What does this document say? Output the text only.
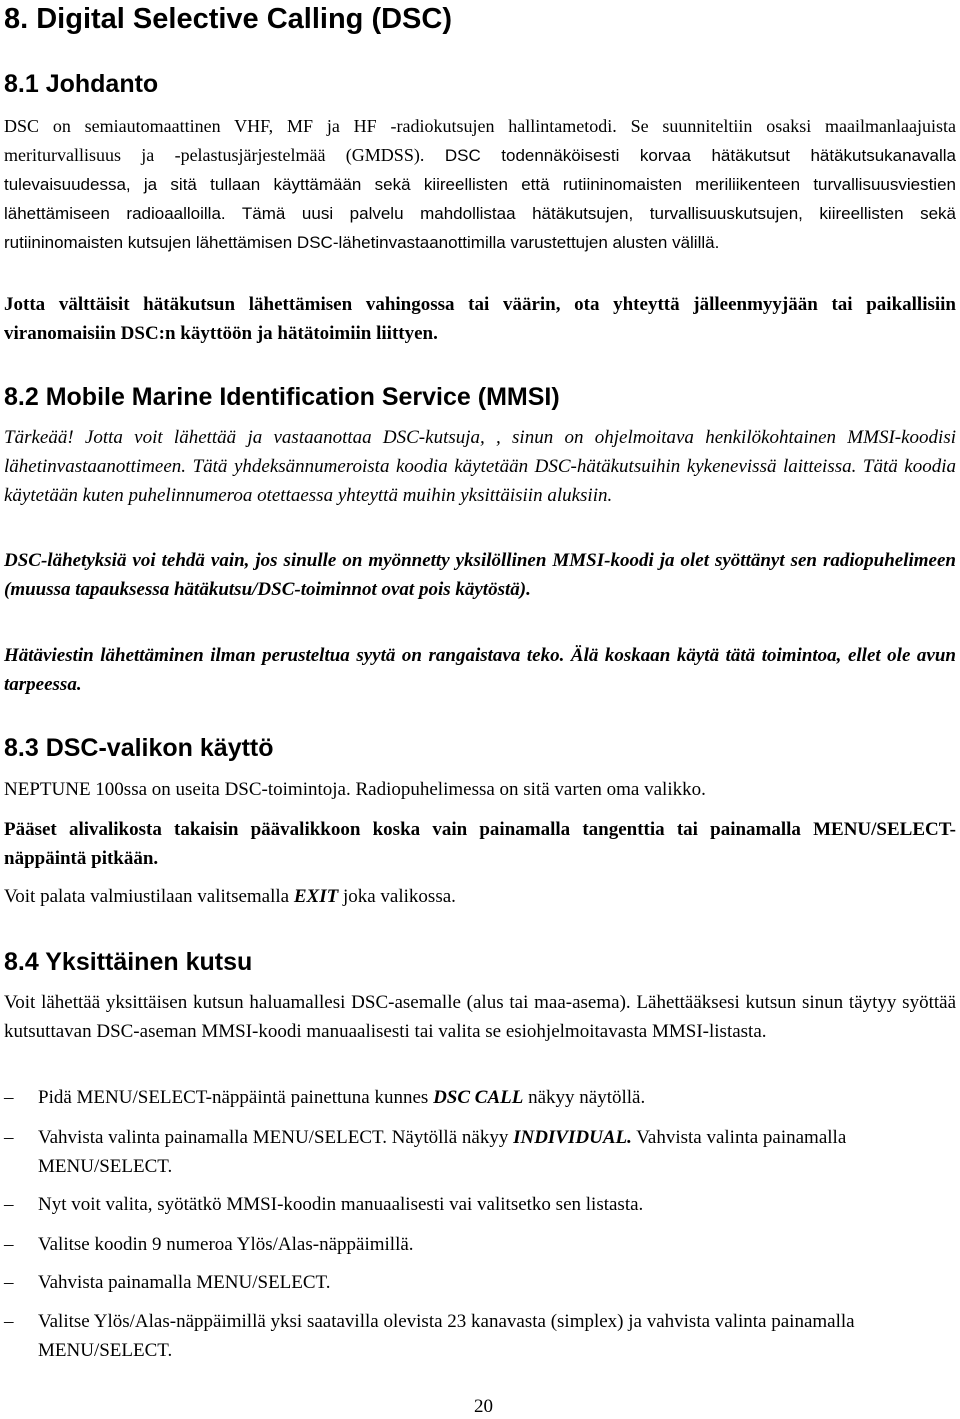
8. Digital Selective Calling (DSC)
8.1 Johdanto
DSC on semiautomaattinen VHF, MF ja HF -radiokutsujen hallintametodi. Se suunniteltiin osaksi maailmanlaajuista meriturvallisuus ja -pelastusjärjestelmää (GMDSS). DSC todennäköisesti korvaa hätäkutsut hätäkutsukanavalla tulevaisuudessa, ja sitä tullaan käyttämään sekä kiireellisten että rutiininomaisten meriliikenteen turvallisuusviestien lähettämiseen radioaalloilla. Tämä uusi palvelu mahdollistaa hätäkutsujen, turvallisuuskutsujen, kiireellisten sekä rutiininomaisten kutsujen lähettämisen DSC-lähetinvastaanottimilla varustettujen alusten välillä.
Jotta välttäisit hätäkutsun lähettämisen vahingossa tai väärin, ota yhteyttä jälleenmyyjään tai paikallisiin viranomaisiin DSC:n käyttöön ja hätätoimiin liittyen.
8.2 Mobile Marine Identification Service (MMSI)
Tärkeää! Jotta voit lähettää ja vastaanottaa DSC-kutsuja, , sinun on ohjelmoitava henkilökohtainen MMSI-koodisi lähetinvastaanottimeen. Tätä yhdeksännumeroista koodia käytetään DSC-hätäkutsuihin kykenevissä laitteissa. Tätä koodia käytetään kuten puhelinnumeroa otettaessa yhteyttä muihin yksittäisiin aluksiin.
DSC-lähetyksiä voi tehdä vain, jos sinulle on myönnetty yksilöllinen MMSI-koodi ja olet syöttänyt sen radiopuhelimeen (muussa tapauksessa hätäkutsu/DSC-toiminnot ovat pois käytöstä).
Hätäviestin lähettäminen ilman perusteltua syytä on rangaistava teko. Älä koskaan käytä tätä toimintoa, ellet ole avun tarpeessa.
8.3 DSC-valikon käyttö
NEPTUNE 100ssa on useita DSC-toimintoja. Radiopuhelimessa on sitä varten oma valikko.
Pääset alivalikosta takaisin päävalikkoon koska vain painamalla tangenttia tai painamalla MENU/SELECT-näppäintä pitkään.
Voit palata valmiustilaan valitsemalla EXIT joka valikossa.
8.4 Yksittäinen kutsu
Voit lähettää yksittäisen kutsun haluamallesi DSC-asemalle (alus tai maa-asema). Lähettääksesi kutsun sinun täytyy syöttää kutsuttavan DSC-aseman MMSI-koodi manuaalisesti tai valita se esiohjelmoitavasta MMSI-listasta.
–	Pidä MENU/SELECT-näppäintä painettuna kunnes DSC CALL näkyy näytöllä.
–	Vahvista valinta painamalla MENU/SELECT. Näytöllä näkyy INDIVIDUAL. Vahvista valinta painamalla MENU/SELECT.
–	Nyt voit valita, syötätkö MMSI-koodin manuaalisesti vai valitsetko sen listasta.
–	Valitse koodin 9 numeroa Ylös/Alas-näppäimillä.
–	Vahvista painamalla MENU/SELECT.
–	Valitse Ylös/Alas-näppäimillä yksi saatavilla olevista 23 kanavasta (simplex) ja vahvista valinta painamalla MENU/SELECT.
20
